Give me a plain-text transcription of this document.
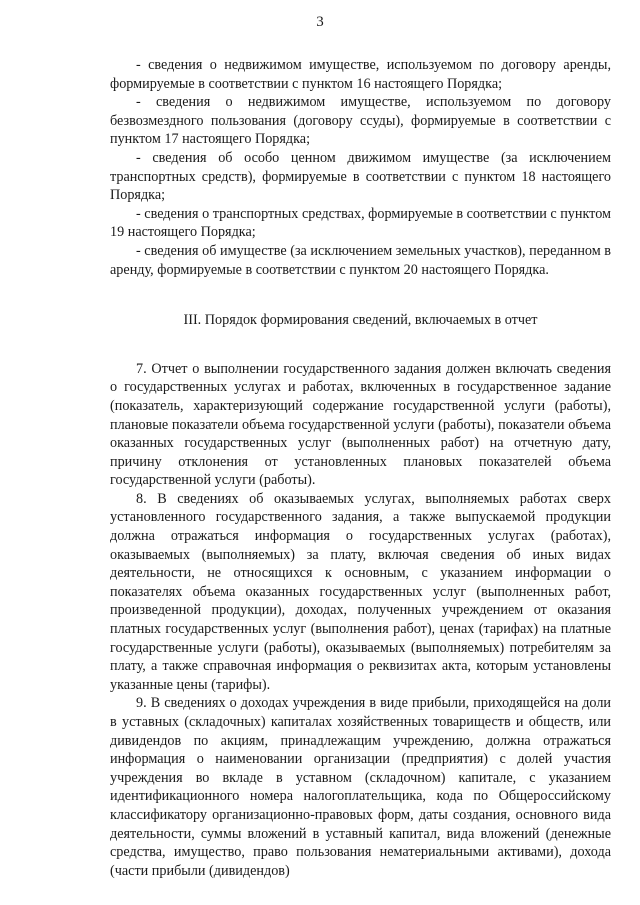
3

- сведения о недвижимом имуществе, используемом по договору аренды, формируемые в соответствии с пунктом 16 настоящего Порядка;

- сведения о недвижимом имуществе, используемом по договору безвозмездного пользования (договору ссуды), формируемые в соответствии с пунктом 17 настоящего Порядка;

- сведения об особо ценном движимом имуществе (за исключением транспортных средств), формируемые в соответствии с пунктом 18 настоящего Порядка;

- сведения о транспортных средствах, формируемые в соответствии с пунктом 19 настоящего Порядка;

- сведения об имуществе (за исключением земельных участков), переданном в аренду, формируемые в соответствии с пунктом 20 настоящего Порядка.

III. Порядок формирования сведений, включаемых в отчет

7. Отчет о выполнении государственного задания должен включать сведения о государственных услугах и работах, включенных в государственное задание (показатель, характеризующий содержание государственной услуги (работы), плановые показатели объема государственной услуги (работы), показатели объема оказанных государственных услуг (выполненных работ) на отчетную дату, причину отклонения от установленных плановых показателей объема государственной услуги (работы).

8. В сведениях об оказываемых услугах, выполняемых работах сверх установленного государственного задания, а также выпускаемой продукции должна отражаться информация о государственных услугах (работах), оказываемых (выполняемых) за плату, включая сведения об иных видах деятельности, не относящихся к основным, с указанием информации о показателях объема оказанных государственных услуг (выполненных работ, произведенной продукции), доходах, полученных учреждением от оказания платных государственных услуг (выполнения работ), ценах (тарифах) на платные государственные услуги (работы), оказываемых (выполняемых) потребителям за плату, а также справочная информация о реквизитах акта, которым установлены указанные цены (тарифы).

9. В сведениях о доходах учреждения в виде прибыли, приходящейся на доли в уставных (складочных) капиталах хозяйственных товариществ и обществ, или дивидендов по акциям, принадлежащим учреждению, должна отражаться информация о наименовании организации (предприятия) с долей участия учреждения во вкладе в уставном (складочном) капитале, с указанием идентификационного номера налогоплательщика, кода по Общероссийскому классификатору организационно-правовых форм, даты создания, основного вида деятельности, суммы вложений в уставный капитал, вида вложений (денежные средства, имущество, право пользования нематериальными активами), дохода (части прибыли (дивидендов)
